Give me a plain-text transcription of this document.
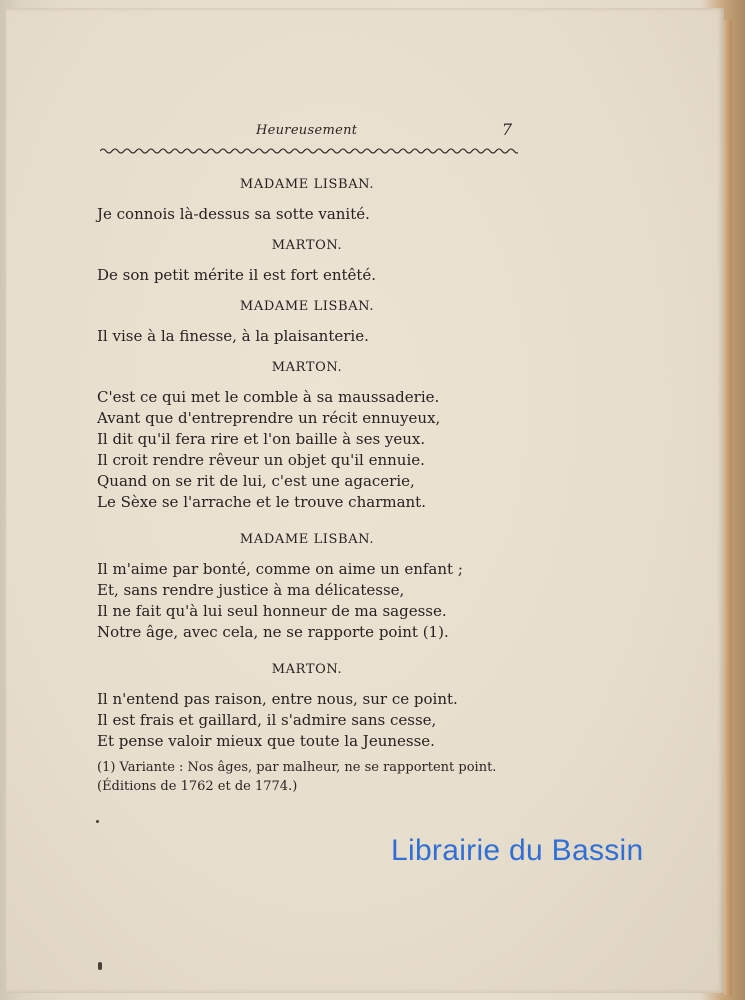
Heureusement	7
MADAME LISBAN.
Je connois là-dessus sa sotte vanité.
MARTON.
De son petit mérite il est fort entêté.
MADAME LISBAN.
Il vise à la finesse, à la plaisanterie.
MARTON.
C'est ce qui met le comble à sa maussaderie.
Avant que d'entreprendre un récit ennuyeux,
Il dit qu'il fera rire et l'on baille à ses yeux.
Il croit rendre rêveur un objet qu'il ennuie.
Quand on se rit de lui, c'est une agacerie,
Le Sèxe se l'arrache et le trouve charmant.
MADAME LISBAN.
Il m'aime par bonté, comme on aime un enfant ;
Et, sans rendre justice à ma délicatesse,
Il ne fait qu'à lui seul honneur de ma sagesse.
Notre âge, avec cela, ne se rapporte point (1).
MARTON.
Il n'entend pas raison, entre nous, sur ce point.
Il est frais et gaillard, il s'admire sans cesse,
Et pense valoir mieux que toute la Jeunesse.
(1) Variante : Nos âges, par malheur, ne se rapportent point.
(Éditions de 1762 et de 1774.)
Librairie du Bassin
